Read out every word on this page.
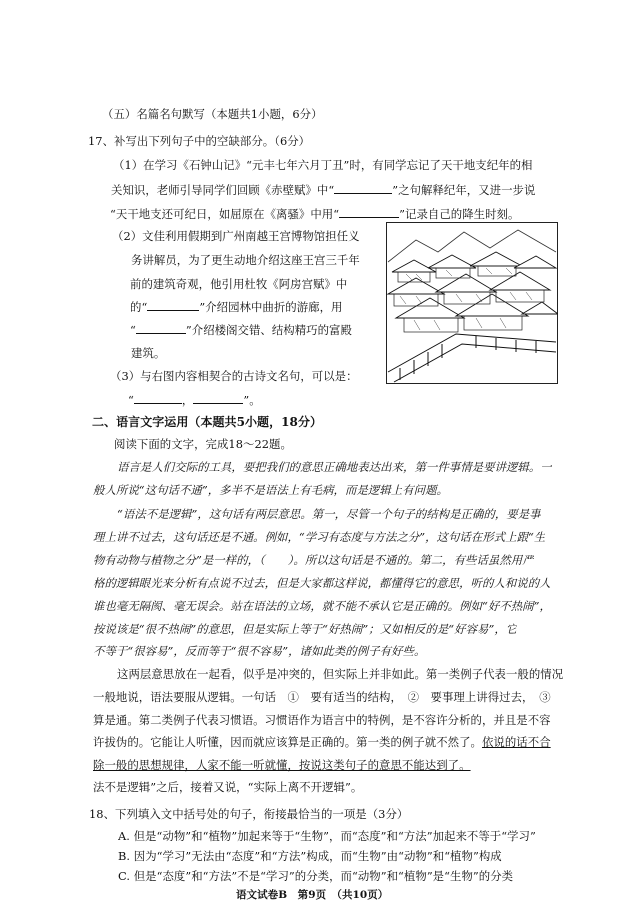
（五）名篇名句默写（本题共1小题，6分）
17、补写出下列句子中的空缺部分。（6分）
（1）在学习《石钟山记》“元丰七年六月丁丑”时，有同学忘记了天干地支纪年的相
关知识，老师引导同学们回顾《赤壁赋》中“	”之句解释纪年，又进一步说
“天干地支还可纪日，如屈原在《离骚》中用“	”记录自己的降生时刻。
（2）文佳利用假期到广州南越王宫博物馆担任义
务讲解员，为了更生动地介绍这座王宫三千年
前的建筑奇观，他引用杜牧《阿房宫赋》中
的“	”介绍园林中曲折的游廊，用
“	”介绍楼阁交错、结构精巧的富殿
建筑。
（3）与右图内容相契合的古诗文名句，可以是：
“	，	”。
二、语言文字运用（本题共5小题，18分）
阅读下面的文字，完成18～22题。
语言是人们交际的工具，要把我们的意思正确地表达出来，第一件事情是要讲逻辑。一
般人所说“这句话不通”，多半不是语法上有毛病，而是逻辑上有问题。
“语法不是逻辑”，这句话有两层意思。第一，尽管一个句子的结构是正确的，要是事
理上讲不过去，这句话还是不通。例如，“学习有态度与方法之分”，这句话在形式上跟“生
物有动物与植物之分”是一样的，（　　）。所以这句话是不通的。第二，有些话虽然用严
格的逻辑眼光来分析有点说不过去，但是大家都这样说，都懂得它的意思，听的人和说的人
谁也毫无隔阂、毫无误会。站在语法的立场，就不能不承认它是正确的。例如“好不热闹”，
按说该是“很不热闹”的意思，但是实际上等于“好热闹”；又如相反的是“好容易”，它
不等于“很容易”，反而等于“很不容易”，诸如此类的例子有好些。
这两层意思放在一起看，似乎是冲突的，但实际上并非如此。第一类例子代表一般的情况
一般地说，语法要服从逻辑。一句话　①　要有适当的结构，　②　要事理上讲得过去，　③
算是通。第二类例子代表习惯语。习惯语作为语言中的特例，是不容许分析的，并且是不容
许拔伪的。它能让人听懂，因而就应该算是正确的。第一类的例子就不然了。依说的话不合
除一般的思想规律，人家不能一听就懂，按说这类句子的意思不能达到了。
法不是逻辑”之后，接着又说，“实际上离不开逻辑”。
18、下列填入文中括号处的句子，衔接最恰当的一项是（3分）
A. 但是“动物”和“植物”加起来等于“生物”，而“态度”和“方法”加起来不等于“学习”
B. 因为“学习”无法由“态度”和“方法”构成，而“生物”由“动物”和“植物”构成
C. 但是“态度”和“方法”不是“学习”的分类，而“动物”和“植物”是“生物”的分类
语文试卷B　第9页　（共10页）
